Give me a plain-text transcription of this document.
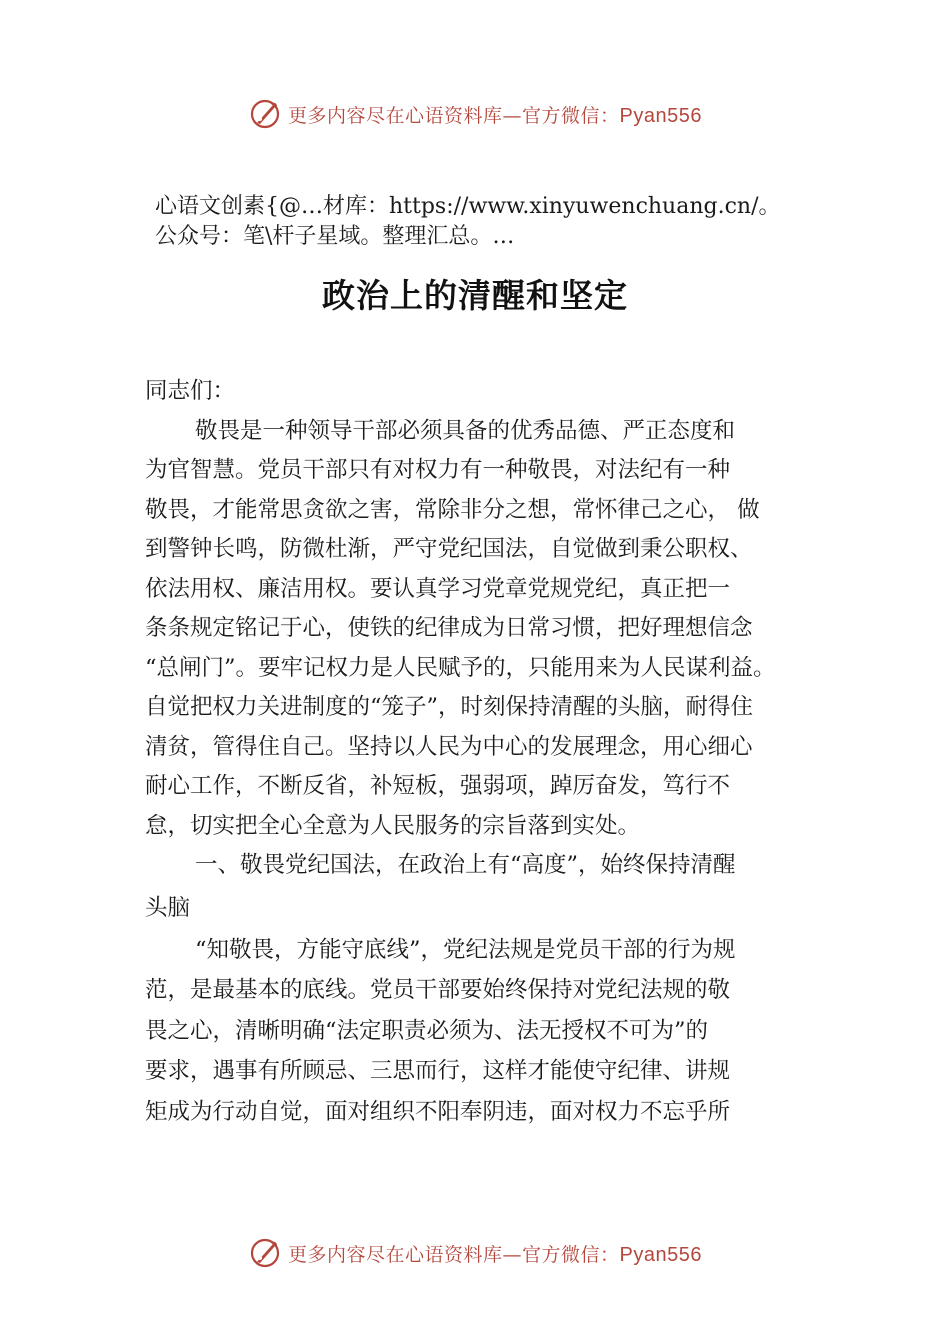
更多内容尽在心语资料库—官方微信：Pyan556
心语文创素{@…材库：https://www.xinyuwenchuang.cn/。
公众号：笔\杆子星域。整理汇总。…
政治上的清醒和坚定
同志们：
敬畏是一种领导干部必须具备的优秀品德、严正态度和
为官智慧。党员干部只有对权力有一种敬畏，对法纪有一种
敬畏，才能常思贪欲之害，常除非分之想，常怀律己之心， 做
到警钟长鸣，防微杜渐，严守党纪国法，自觉做到秉公职权、
依法用权、廉洁用权。要认真学习党章党规党纪，真正把一
条条规定铭记于心，使铁的纪律成为日常习惯，把好理想信念
“总闸门”。要牢记权力是人民赋予的，只能用来为人民谋利益。
自觉把权力关进制度的“笼子”，时刻保持清醒的头脑，耐得住
清贫，管得住自己。坚持以人民为中心的发展理念，用心细心
耐心工作，不断反省，补短板，强弱项，踔厉奋发，笃行不
怠，切实把全心全意为人民服务的宗旨落到实处。
一、敬畏党纪国法，在政治上有“高度”，始终保持清醒
头脑
“知敬畏，方能守底线”，党纪法规是党员干部的行为规
范，是最基本的底线。党员干部要始终保持对党纪法规的敬
畏之心，清晰明确“法定职责必须为、法无授权不可为”的
要求，遇事有所顾忌、三思而行，这样才能使守纪律、讲规
矩成为行动自觉，面对组织不阳奉阴违，面对权力不忘乎所
更多内容尽在心语资料库—官方微信：Pyan556
